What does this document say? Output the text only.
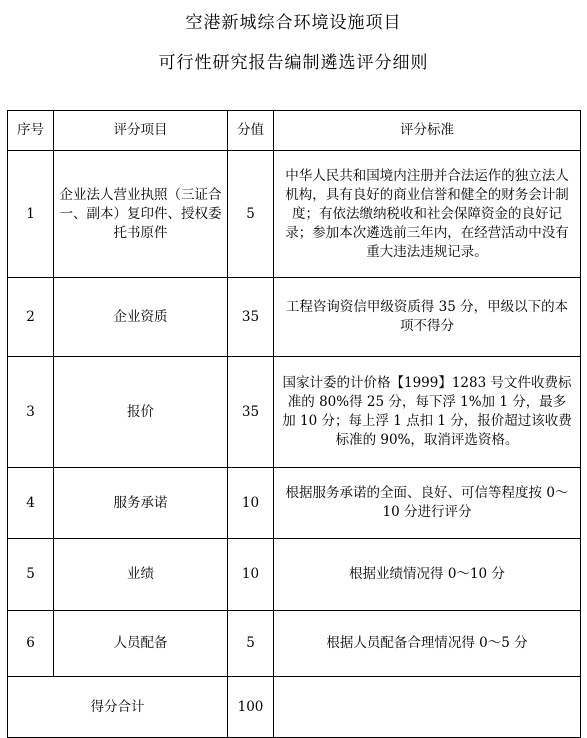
空港新城综合环境设施项目
可行性研究报告编制遴选评分细则
序号	评分项目	分值	评分标准
1	企业法人营业执照（三证合一、副本）复印件、授权委托书原件	5	中华人民共和国境内注册并合法运作的独立法人机构，具有良好的商业信誉和健全的财务会计制度；有依法缴纳税收和社会保障资金的良好记录；参加本次遴选前三年内，在经营活动中没有重大违法违规记录。
2	企业资质	35	工程咨询资信甲级资质得 35 分，甲级以下的本项不得分
3	报价	35	国家计委的计价格【1999】1283 号文件收费标准的 80%得 25 分，每下浮 1%加 1 分，最多加 10 分；每上浮 1 点扣 1 分，报价超过该收费标准的 90%，取消评选资格。
4	服务承诺	10	根据服务承诺的全面、良好、可信等程度按 0～10 分进行评分
5	业绩	10	根据业绩情况得 0～10 分
6	人员配备	5	根据人员配备合理情况得 0～5 分
得分合计		100	
